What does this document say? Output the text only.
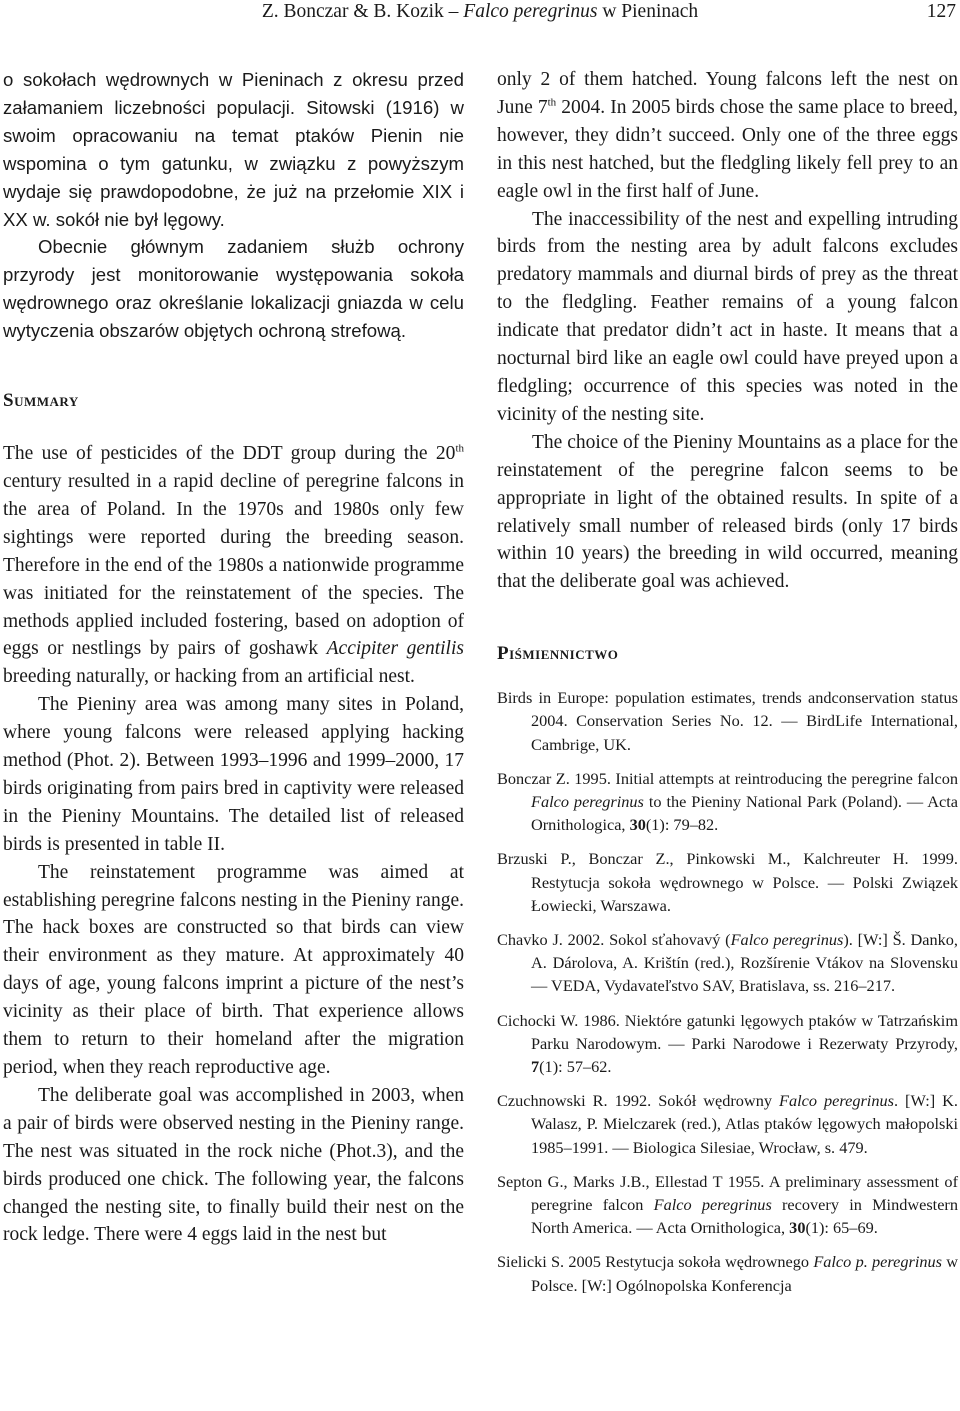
Z. Bonczar & B. Kozik – Falco peregrinus w Pieninach	127

o sokołach wędrownych w Pieninach z okresu przed załamaniem liczebności populacji. Sitowski (1916) w swoim opracowaniu na temat ptaków Pienin nie wspomina o tym gatunku, w związku z powyższym wydaje się prawdopodobne, że już na przełomie XIX i XX w. sokół nie był lęgowy.

Obecnie głównym zadaniem służb ochrony przyrody jest monitorowanie występowania sokoła wędrownego oraz określanie lokalizacji gniazda w celu wytyczenia obszarów objętych ochroną strefową.

Summary

The use of pesticides of the DDT group during the 20th century resulted in a rapid decline of peregrine falcons in the area of Poland. In the 1970s and 1980s only few sightings were reported during the breeding season. Therefore in the end of the 1980s a nationwide programme was initiated for the reinstatement of the species. The methods applied included fostering, based on adoption of eggs or nestlings by pairs of goshawk Accipiter gentilis breeding naturally, or hacking from an artificial nest.

The Pieniny area was among many sites in Poland, where young falcons were released applying hacking method (Phot. 2). Between 1993–1996 and 1999–2000, 17 birds originating from pairs bred in captivity were released in the Pieniny Mountains. The detailed list of released birds is presented in table II.

The reinstatement programme was aimed at establishing peregrine falcons nesting in the Pieniny range. The hack boxes are constructed so that birds can view their environment as they mature. At approximately 40 days of age, young falcons imprint a picture of the nest’s vicinity as their place of birth. That experience allows them to return to their homeland after the migration period, when they reach reproductive age.

The deliberate goal was accomplished in 2003, when a pair of birds were observed nesting in the Pieniny range. The nest was situated in the rock niche (Phot.3), and the birds produced one chick. The following year, the falcons changed the nesting site, to finally build their nest on the rock ledge. There were 4 eggs laid in the nest but

only 2 of them hatched. Young falcons left the nest on June 7th 2004. In 2005 birds chose the same place to breed, however, they didn’t succeed. Only one of the three eggs in this nest hatched, but the fledgling likely fell prey to an eagle owl in the first half of June.

The inaccessibility of the nest and expelling intruding birds from the nesting area by adult falcons excludes predatory mammals and diurnal birds of prey as the threat to the fledgling. Feather remains of a young falcon indicate that predator didn’t act in haste. It means that a nocturnal bird like an eagle owl could have preyed upon a fledgling; occurrence of this species was noted in the vicinity of the nesting site.

The choice of the Pieniny Mountains as a place for the reinstatement of the peregrine falcon seems to be appropriate in light of the obtained results. In spite of a relatively small number of released birds (only 17 birds within 10 years) the breeding in wild occurred, meaning that the deliberate goal was achieved.

Piśmiennictwo
Birds in Europe: population estimates, trends andconservation status 2004. Conservation Series No. 12. — BirdLife International, Cambrige, UK.
Bonczar Z. 1995. Initial attempts at reintroducing the peregrine falcon Falco peregrinus to the Pieniny National Park (Poland). — Acta Ornithologica, 30(1): 79–82.
Brzuski P., Bonczar Z., Pinkowski M., Kalchreuter H. 1999. Restytucja sokoła wędrownego w Polsce. — Polski Związek Łowiecki, Warszawa.
Chavko J. 2002. Sokol sťahovavý (Falco peregrinus). [W:] Š. Danko, A. Dárolova, A. Krištín (red.), Rozšírenie Vtákov na Slovensku — VEDA, Vydavateľstvo SAV, Bratislava, ss. 216–217.
Cichocki W. 1986. Niektóre gatunki lęgowych ptaków w Tatrzańskim Parku Narodowym. — Parki Narodowe i Rezerwaty Przyrody, 7(1): 57–62.
Czuchnowski R. 1992. Sokół wędrowny Falco peregrinus. [W:] K. Walasz, P. Mielczarek (red.), Atlas ptaków lęgowych małopolski 1985–1991. — Biologica Silesiae, Wrocław, s. 479.
Septon G., Marks J.B., Ellestad T 1955. A preliminary assessment of peregrine falcon Falco peregrinus recovery in Mindwestern North America. — Acta Ornithologica, 30(1): 65–69.
Sielicki S. 2005 Restytucja sokoła wędrownego Falco p. peregrinus w Polsce. [W:] Ogólnopolska Konferencja
